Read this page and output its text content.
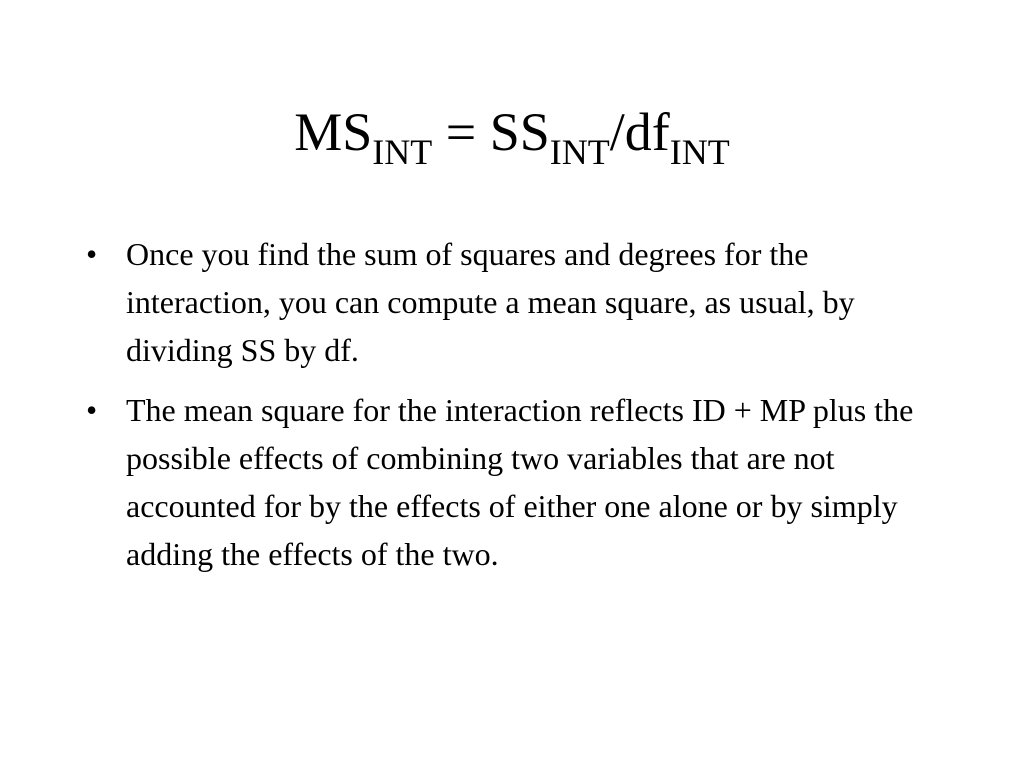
$MS_{INT} = SS_{INT}/df_{INT}$
• Once you find the sum of squares and degrees for the interaction, you can compute a mean square, as usual, by dividing SS by df.
• The mean square for the interaction reflects ID + MP plus the possible effects of combining two variables that are not accounted for by the effects of either one alone or by simply adding the effects of the two.
